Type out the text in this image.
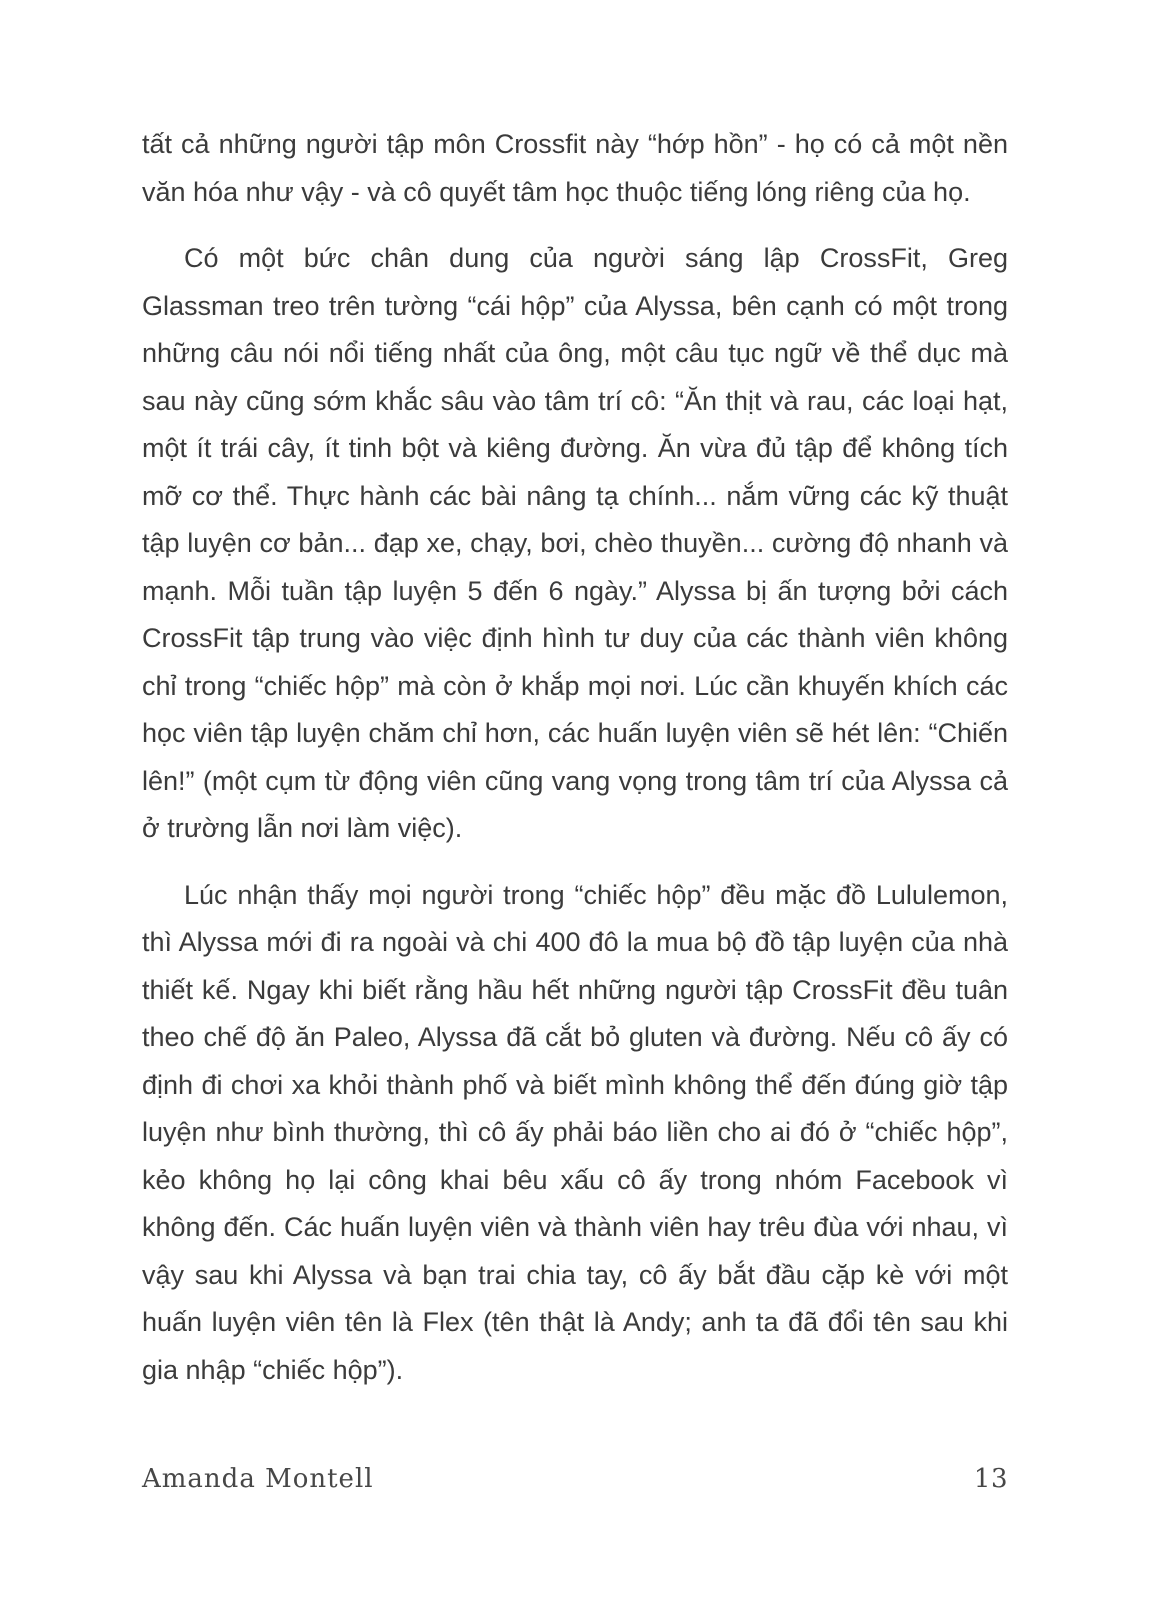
tất cả những người tập môn Crossfit này “hớp hồn” - họ có cả một nền văn hóa như vậy - và cô quyết tâm học thuộc tiếng lóng riêng của họ.

Có một bức chân dung của người sáng lập CrossFit, Greg Glassman treo trên tường “cái hộp” của Alyssa, bên cạnh có một trong những câu nói nổi tiếng nhất của ông, một câu tục ngữ về thể dục mà sau này cũng sớm khắc sâu vào tâm trí cô: “Ăn thịt và rau, các loại hạt, một ít trái cây, ít tinh bột và kiêng đường. Ăn vừa đủ tập để không tích mỡ cơ thể. Thực hành các bài nâng tạ chính... nắm vững các kỹ thuật tập luyện cơ bản... đạp xe, chạy, bơi, chèo thuyền... cường độ nhanh và mạnh. Mỗi tuần tập luyện 5 đến 6 ngày.” Alyssa bị ấn tượng bởi cách CrossFit tập trung vào việc định hình tư duy của các thành viên không chỉ trong “chiếc hộp” mà còn ở khắp mọi nơi. Lúc cần khuyến khích các học viên tập luyện chăm chỉ hơn, các huấn luyện viên sẽ hét lên: “Chiến lên!” (một cụm từ động viên cũng vang vọng trong tâm trí của Alyssa cả ở trường lẫn nơi làm việc).

Lúc nhận thấy mọi người trong “chiếc hộp” đều mặc đồ Lululemon, thì Alyssa mới đi ra ngoài và chi 400 đô la mua bộ đồ tập luyện của nhà thiết kế. Ngay khi biết rằng hầu hết những người tập CrossFit đều tuân theo chế độ ăn Paleo, Alyssa đã cắt bỏ gluten và đường. Nếu cô ấy có định đi chơi xa khỏi thành phố và biết mình không thể đến đúng giờ tập luyện như bình thường, thì cô ấy phải báo liền cho ai đó ở “chiếc hộp”, kẻo không họ lại công khai bêu xấu cô ấy trong nhóm Facebook vì không đến. Các huấn luyện viên và thành viên hay trêu đùa với nhau, vì vậy sau khi Alyssa và bạn trai chia tay, cô ấy bắt đầu cặp kè với một huấn luyện viên tên là Flex (tên thật là Andy; anh ta đã đổi tên sau khi gia nhập “chiếc hộp”).

Amanda Montell	13
